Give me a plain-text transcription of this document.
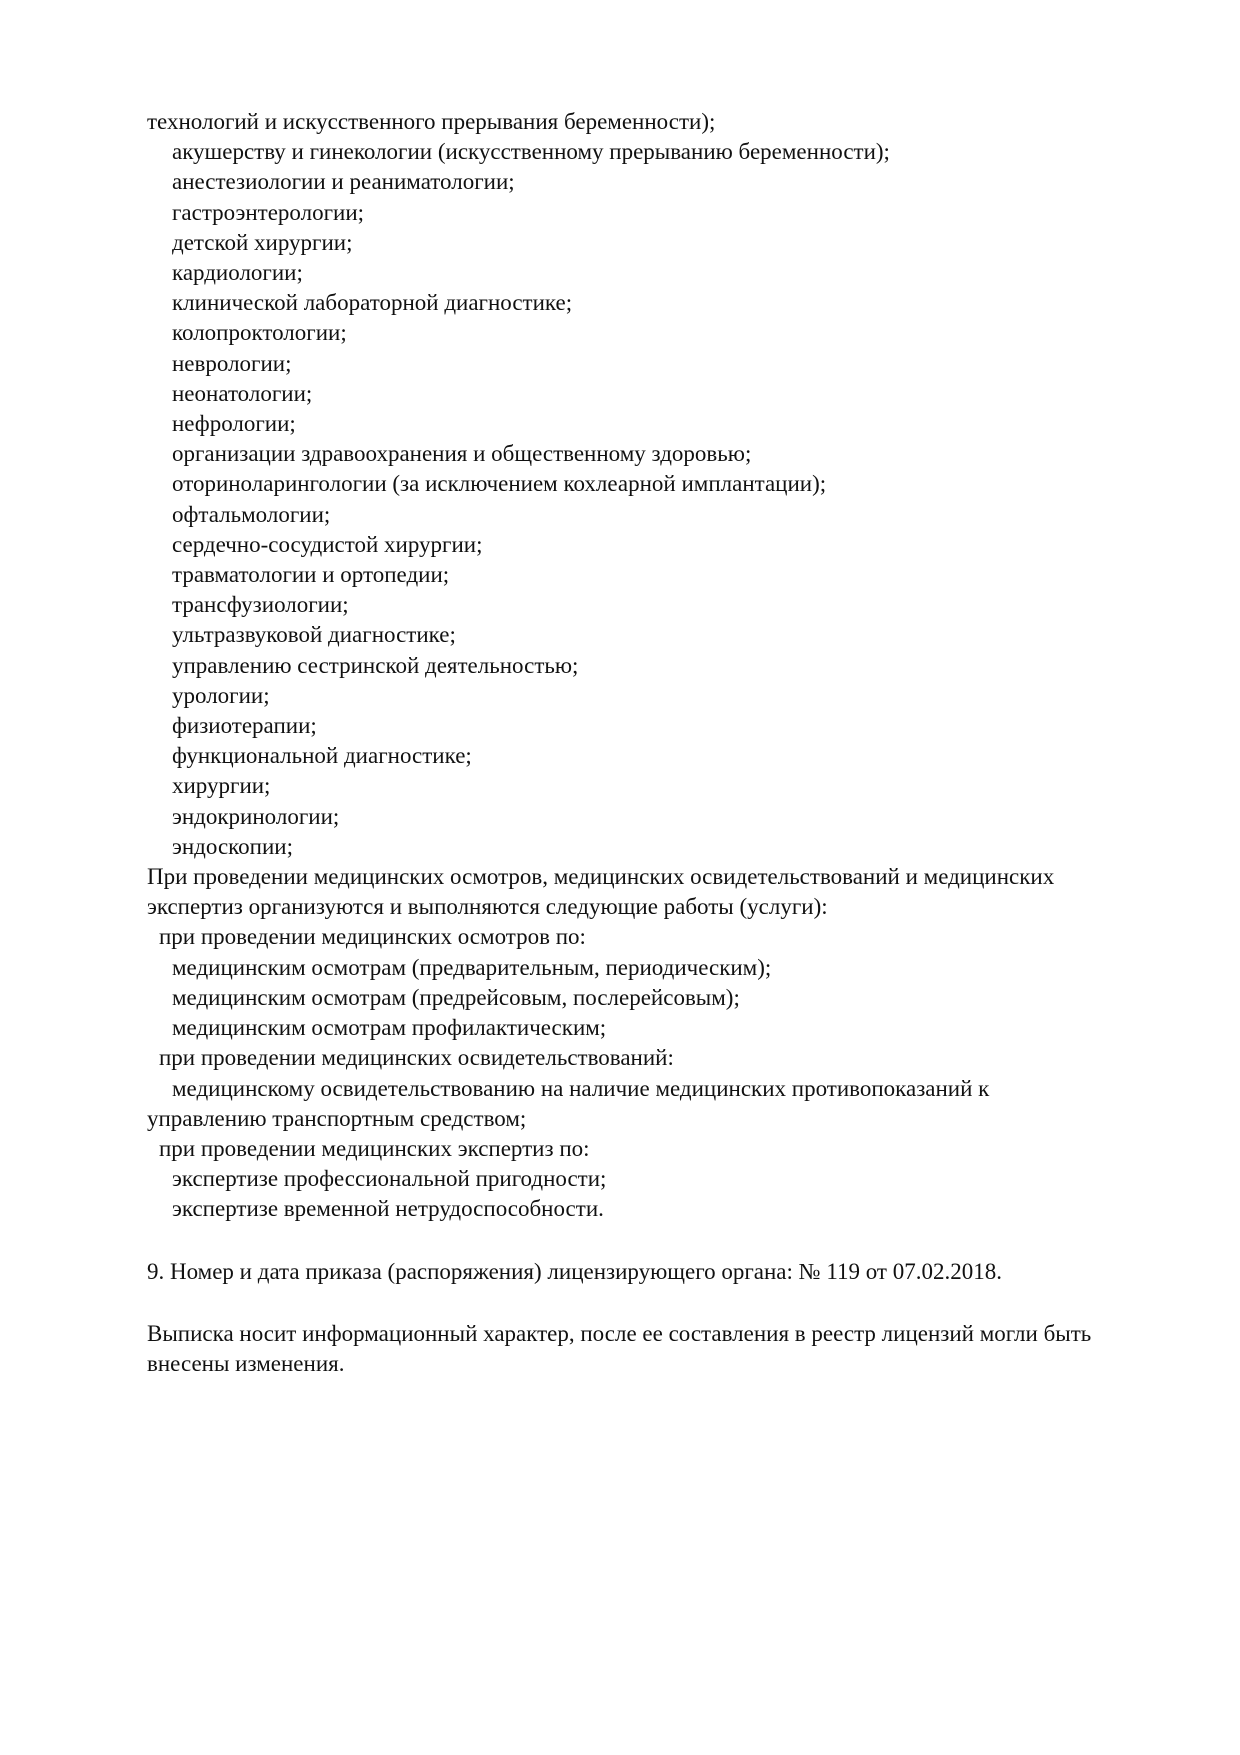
технологий и искусственного прерывания беременности);

акушерству и гинекологии (искусственному прерыванию беременности);

анестезиологии и реаниматологии;

гастроэнтерологии;

детской хирургии;

кардиологии;

клинической лабораторной диагностике;

колопроктологии;

неврологии;

неонатологии;

нефрологии;

организации здравоохранения и общественному здоровью;

оториноларингологии (за исключением кохлеарной имплантации);

офтальмологии;

сердечно-сосудистой хирургии;

травматологии и ортопедии;

трансфузиологии;

ультразвуковой диагностике;

управлению сестринской деятельностью;

урологии;

физиотерапии;

функциональной диагностике;

хирургии;

эндокринологии;

эндоскопии;

При проведении медицинских осмотров, медицинских освидетельствований и медицинских

экспертиз организуются и выполняются следующие работы (услуги):

при проведении медицинских осмотров по:

медицинским осмотрам (предварительным, периодическим);

медицинским осмотрам (предрейсовым, послерейсовым);

медицинским осмотрам профилактическим;

при проведении медицинских освидетельствований:

медицинскому освидетельствованию на наличие медицинских противопоказаний к

управлению транспортным средством;

при проведении медицинских экспертиз по:

экспертизе профессиональной пригодности;

экспертизе временной нетрудоспособности.

9. Номер и дата приказа (распоряжения) лицензирующего органа: № 119 от 07.02.2018.

Выписка носит информационный характер, после ее составления в реестр лицензий могли быть

внесены изменения.
